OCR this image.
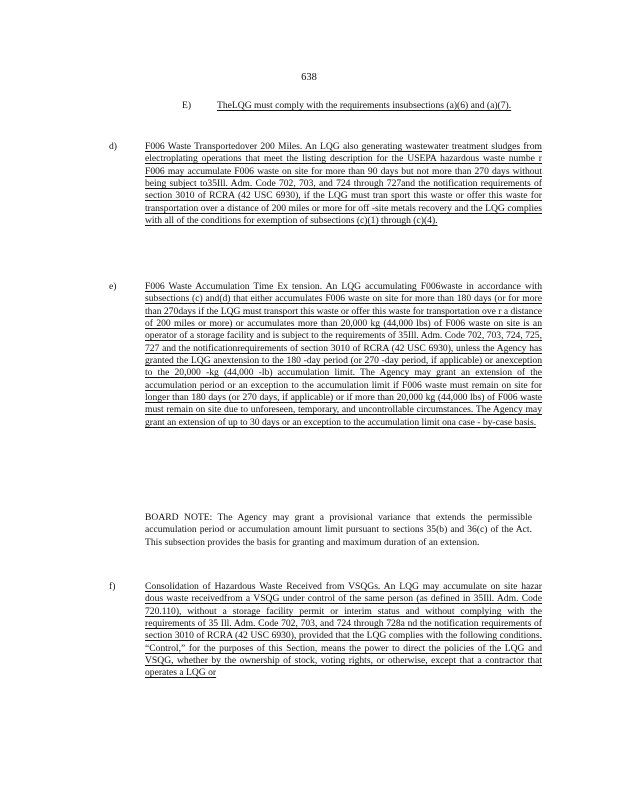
638
E)	TheLQG must comply with the requirements insubsections (a)(6) and (a)(7).
d)	F006 Waste Transportedover 200 Miles. An LQG also generating wastewater treatment sludges from electroplating operations that meet the listing description for the USEPA hazardous waste numbe r F006 may accumulate F006 waste on site for more than 90 days but not more than 270 days without being subject to35Ill. Adm. Code 702, 703, and 724 through 727and the notification requirements of section 3010 of RCRA (42 USC 6930), if the LQG must tran sport this waste or offer this waste for transportation over a distance of 200 miles or more for off -site metals recovery and the LQG complies with all of the conditions for exemption of subsections (c)(1) through (c)(4).
e)	F006 Waste Accumulation Time Ex tension. An LQG accumulating F006waste in accordance with subsections (c) and(d) that either accumulates F006 waste on site for more than 180 days (or for more than 270days if the LQG must transport this waste or offer this waste for transportation ove r a distance of 200 miles or more) or accumulates more than 20,000 kg (44,000 lbs) of F006 waste on site is an operator of a storage facility and is subject to the requirements of 35Ill. Adm. Code 702, 703, 724, 725, 727 and the notificationrequirements of section 3010 of RCRA (42 USC 6930), unless the Agency has granted the LQG anextension to the 180 -day period (or 270 -day period, if applicable) or anexception to the 20,000 -kg (44,000 -lb) accumulation limit. The Agency may grant an extension of the accumulation period or an exception to the accumulation limit if F006 waste must remain on site for longer than 180 days (or 270 days, if applicable) or if more than 20,000 kg (44,000 lbs) of F006 waste must remain on site due to unforeseen, temporary, and uncontrollable circumstances. The Agency may grant an extension of up to 30 days or an exception to the accumulation limit ona case - by-case basis.
BOARD NOTE: The Agency may grant a provisional variance that extends the permissible accumulation period or accumulation amount limit pursuant to sections 35(b) and 36(c) of the Act. This subsection provides the basis for granting and maximum duration of an extension.
f)	Consolidation of Hazardous Waste Received from VSQGs. An LQG may accumulate on site hazar dous waste receivedfrom a VSQG under control of the same person (as defined in 35Ill. Adm. Code 720.110), without a storage facility permit or interim status and without complying with the requirements of 35 Ill. Adm. Code 702, 703, and 724 through 728a nd the notification requirements of section 3010 of RCRA (42 USC 6930), provided that the LQG complies with the following conditions. “Control,” for the purposes of this Section, means the power to direct the policies of the LQG and VSQG, whether by the ownership of stock, voting rights, or otherwise, except that a contractor that operates a LQG or
